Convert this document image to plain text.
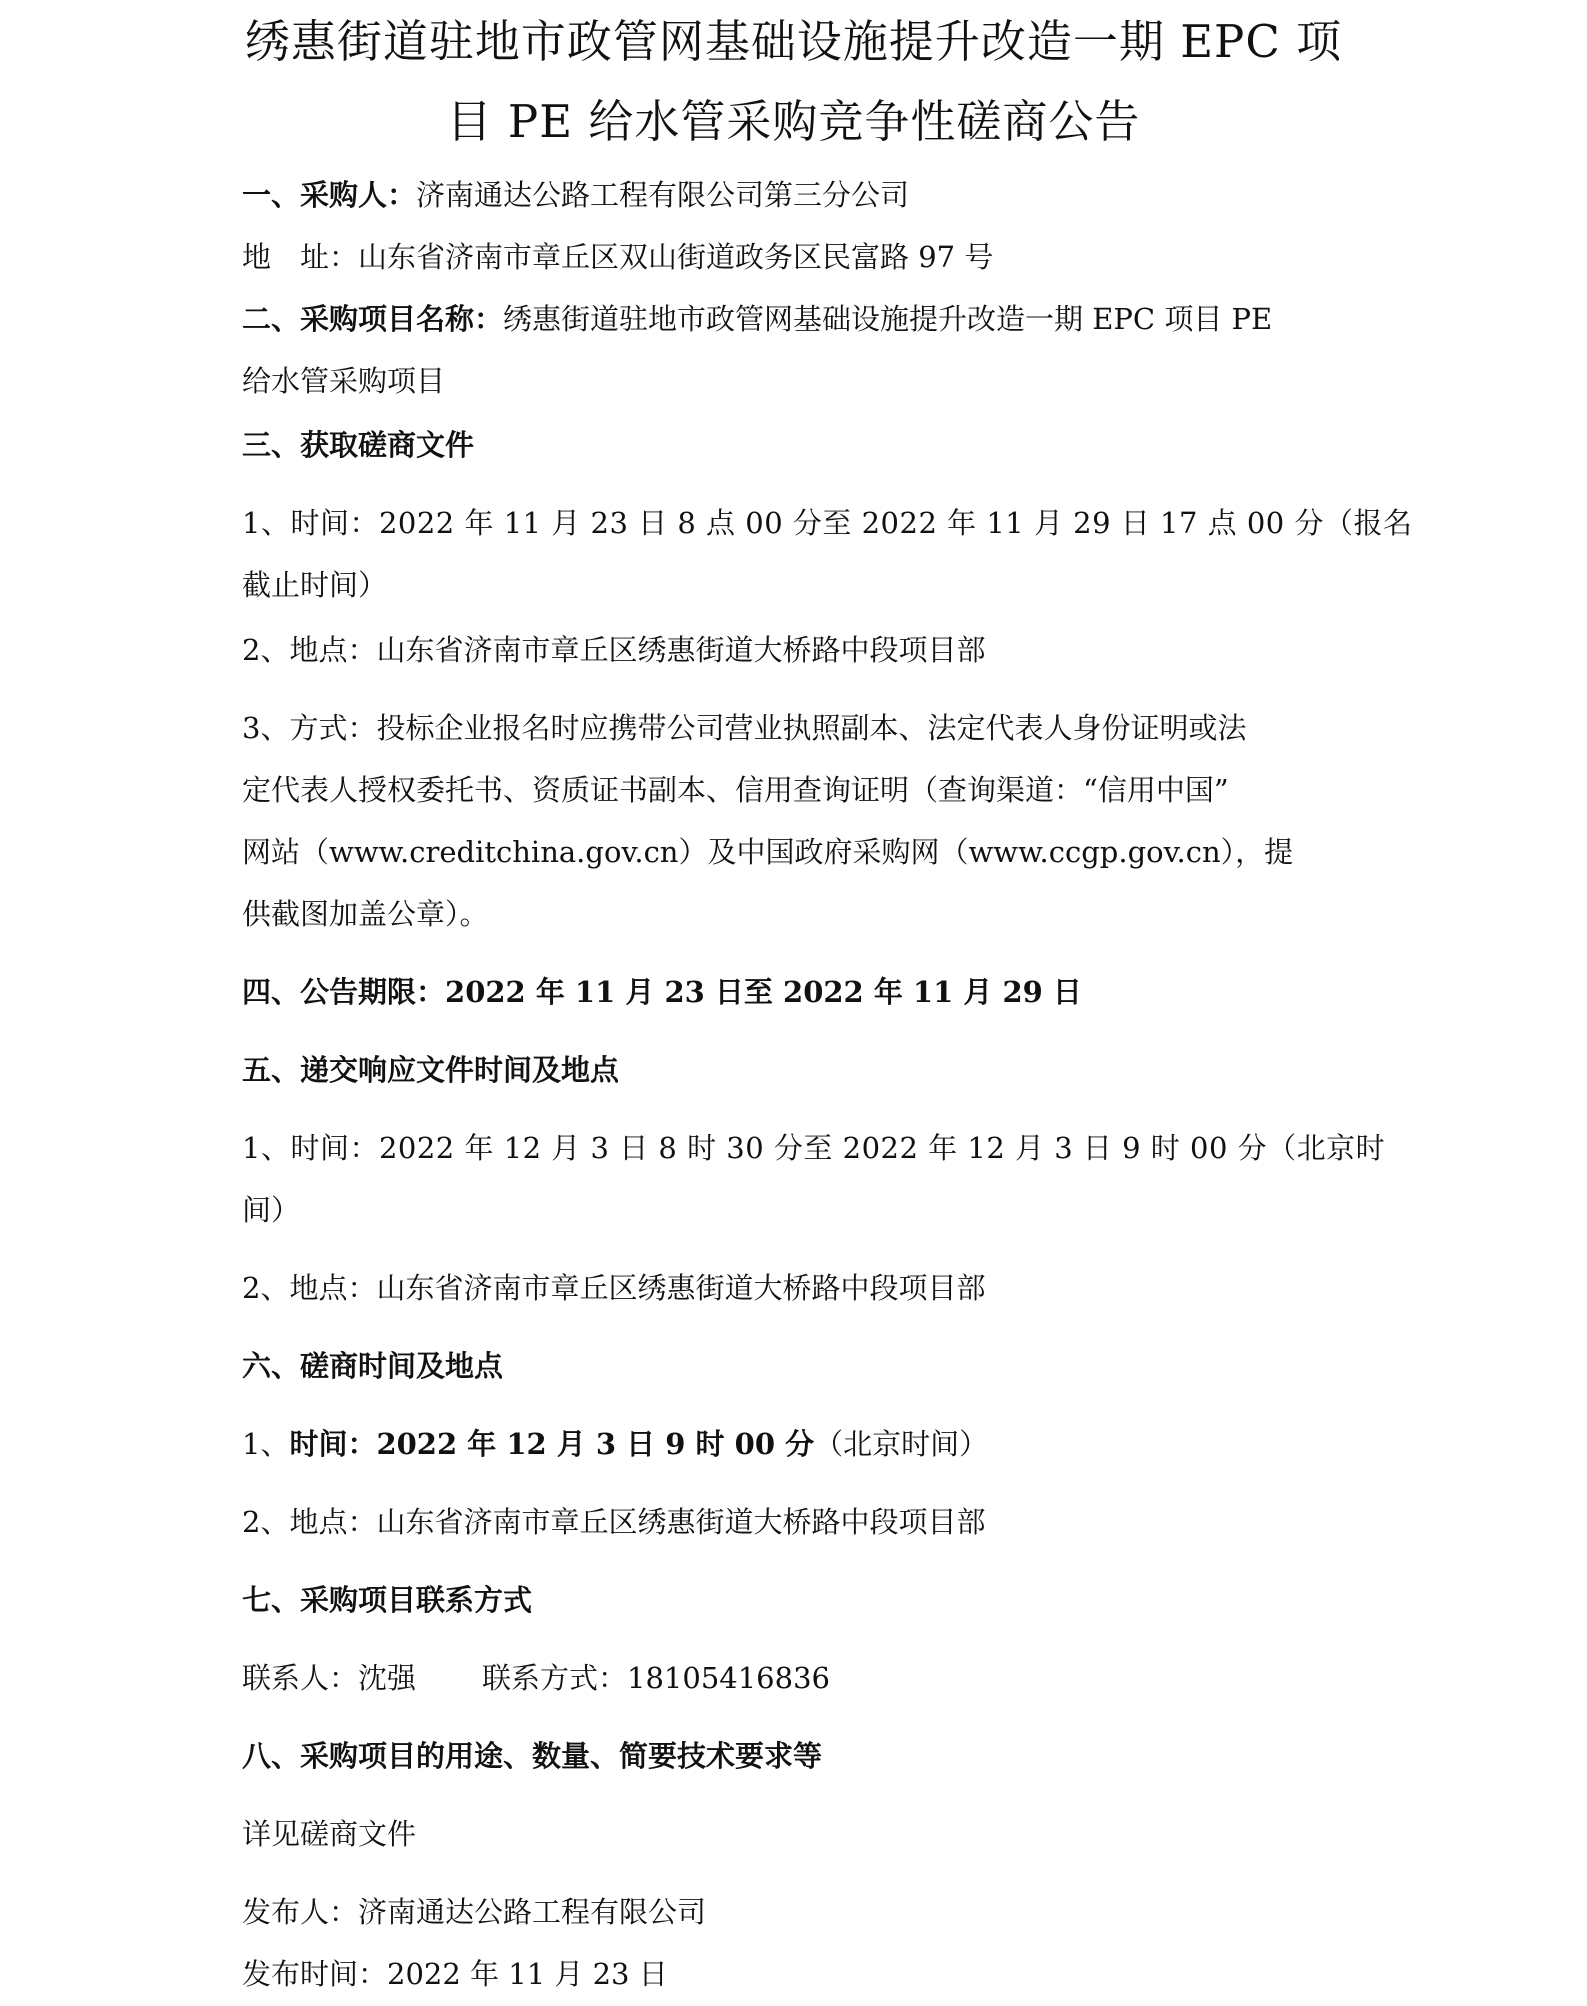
绣惠街道驻地市政管网基础设施提升改造一期 EPC 项
目 PE 给水管采购竞争性磋商公告
一、采购人：济南通达公路工程有限公司第三分公司
地　址：山东省济南市章丘区双山街道政务区民富路 97 号
二、采购项目名称：绣惠街道驻地市政管网基础设施提升改造一期 EPC 项目 PE
给水管采购项目
三、获取磋商文件
1、时间：2022 年 11 月 23 日 8 点 00 分至 2022 年 11 月 29 日 17 点 00 分（报名
截止时间）
2、地点：山东省济南市章丘区绣惠街道大桥路中段项目部
3、方式：投标企业报名时应携带公司营业执照副本、法定代表人身份证明或法
定代表人授权委托书、资质证书副本、信用查询证明（查询渠道：“信用中国”
网站（www.creditchina.gov.cn）及中国政府采购网（www.ccgp.gov.cn），提
供截图加盖公章）。
四、公告期限：2022 年 11 月 23 日至 2022 年 11 月 29 日
五、递交响应文件时间及地点
1、时间：2022 年 12 月 3 日 8 时 30 分至 2022 年 12 月 3 日 9 时 00 分（北京时
间）
2、地点：山东省济南市章丘区绣惠街道大桥路中段项目部
六、磋商时间及地点
1、时间：2022 年 12 月 3 日 9 时 00 分（北京时间）
2、地点：山东省济南市章丘区绣惠街道大桥路中段项目部
七、采购项目联系方式
联系人：沈强 联系方式：18105416836
八、采购项目的用途、数量、简要技术要求等
详见磋商文件
发布人：济南通达公路工程有限公司
发布时间：2022 年 11 月 23 日
